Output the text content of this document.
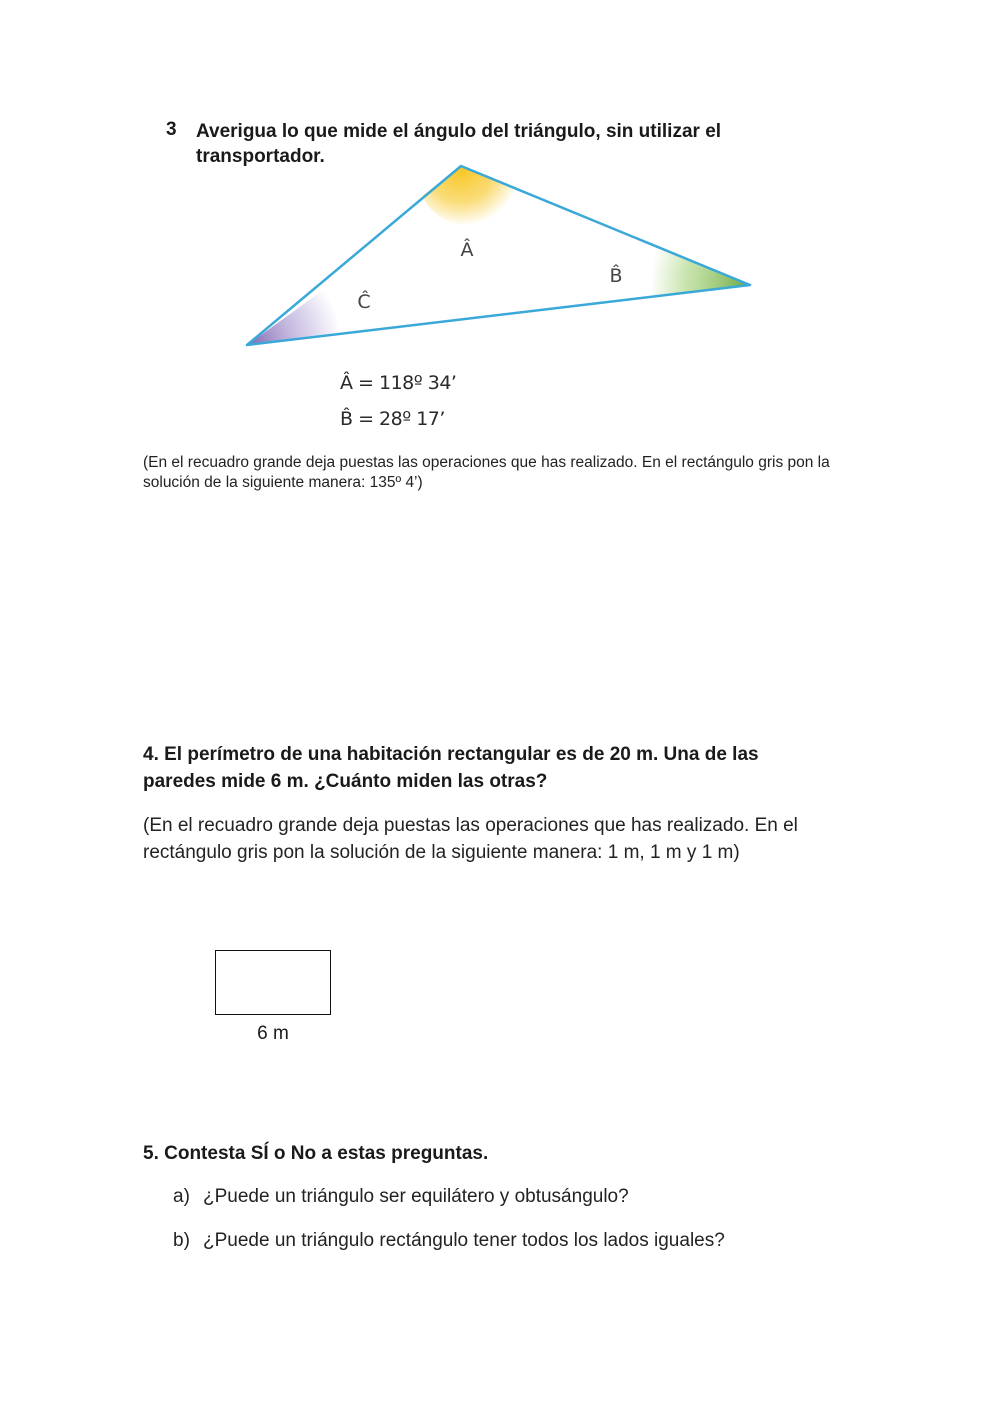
3 Averigua lo que mide el ángulo del triángulo, sin utilizar el transportador.
Â
B̂
Ĉ
Â = 118º 34’
B̂ = 28º 17’
(En el recuadro grande deja puestas las operaciones que has realizado. En el rectángulo gris pon la solución de la siguiente manera: 135º 4’)
4. El perímetro de una habitación rectangular es de 20 m. Una de las paredes mide 6 m. ¿Cuánto miden las otras?
(En el recuadro grande deja puestas las operaciones que has realizado. En el rectángulo gris pon la solución de la siguiente manera: 1 m, 1 m y 1 m)
6 m
5. Contesta SÍ o No a estas preguntas.
a) ¿Puede un triángulo ser equilátero y obtusángulo?
b) ¿Puede un triángulo rectángulo tener todos los lados iguales?
